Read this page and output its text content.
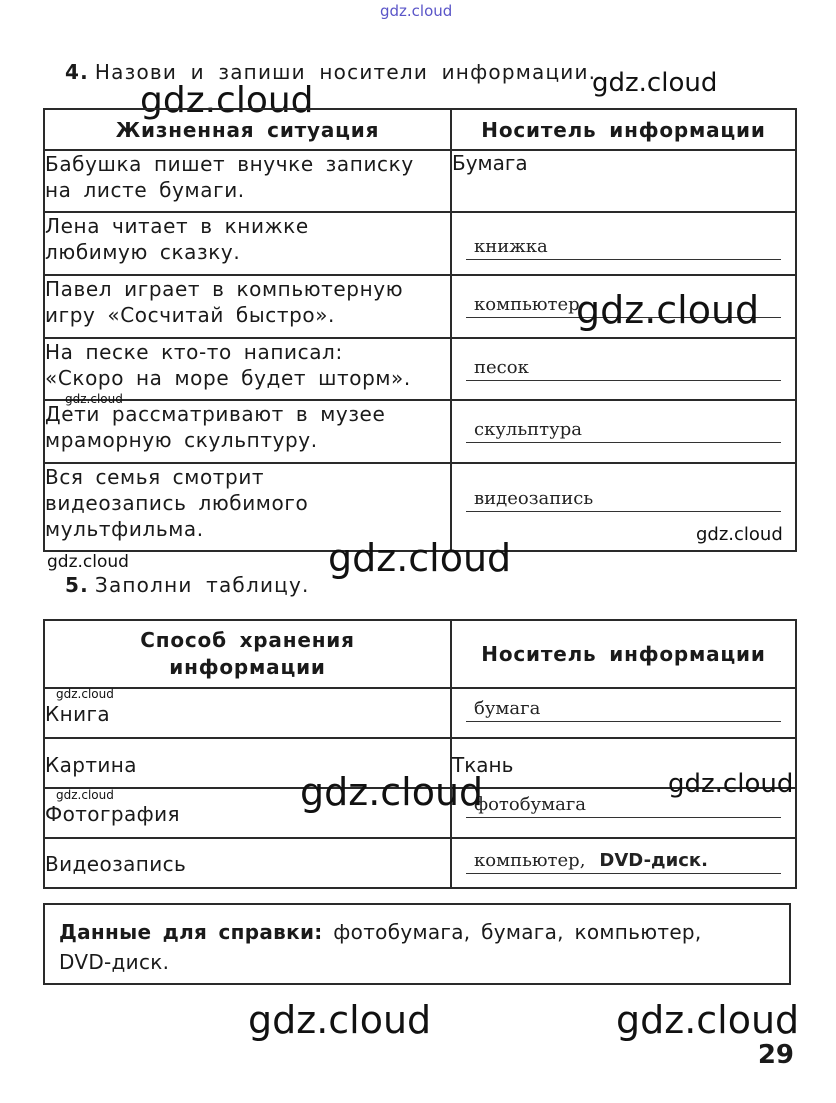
gdz.cloud
gdz.cloud	gdz.cloud
4. Назови и запиши носители информации.
Жизненная ситуация	Носитель информации

Бабушка пишет внучке записку
на листе бумаги.	Бумага

Лена читает в книжке
любимую сказку.	книжка

Павел играет в компьютерную
игру «Сосчитай быстро».	компьютер

На песке кто-то написал:
«Скоро на море будет шторм».	песок

Дети рассматривают в музее
мраморную скульптуру.	скульптура

Вся семья смотрит
видеозапись любимого
мультфильма.	видеозапись
gdz.cloud
gdz.cloud
gdz.cloud
gdz.cloud	gdz.cloud
5. Заполни таблицу.
Способ хранения
информации	Носитель информации
Книга	бумага

Картина	Ткань
Фотография	фотобумага

Видеозапись	компьютер, DVD-диск.
gdz.cloud
gdz.cloud	gdz.cloud	gdz.cloud
Данные для справки: фотобумага, бумага, компьютер,
DVD-диск.
gdz.cloud	gdz.cloud
29
